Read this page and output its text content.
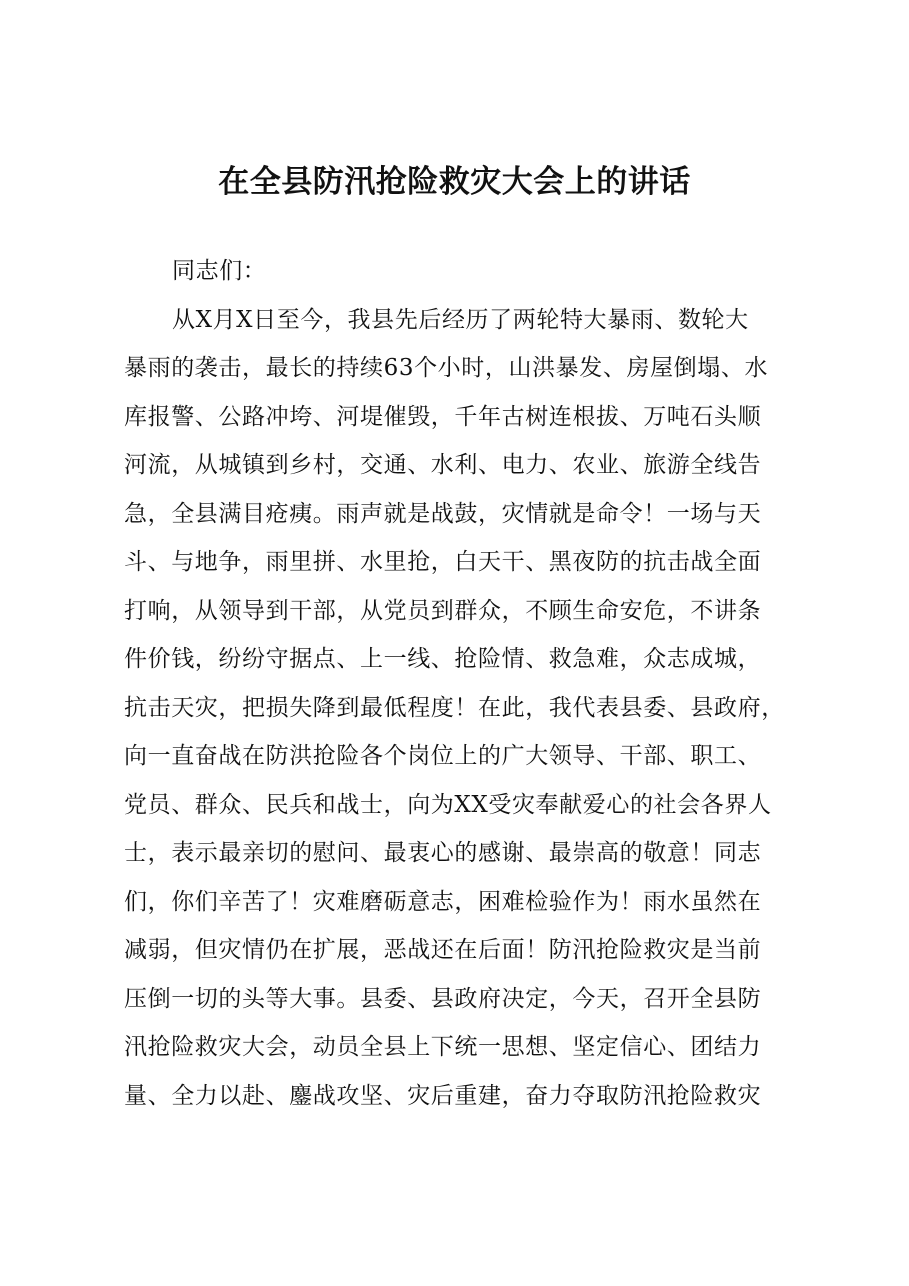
在全县防汛抢险救灾大会上的讲话
同志们：
从X月X日至今，我县先后经历了两轮特大暴雨、数轮大
暴雨的袭击，最长的持续63个小时，山洪暴发、房屋倒塌、水
库报警、公路冲垮、河堤催毁，千年古树连根拔、万吨石头顺
河流，从城镇到乡村，交通、水利、电力、农业、旅游全线告
急，全县满目疮痍。雨声就是战鼓，灾情就是命令！一场与天
斗、与地争，雨里拼、水里抢，白天干、黑夜防的抗击战全面
打响，从领导到干部，从党员到群众，不顾生命安危，不讲条
件价钱，纷纷守据点、上一线、抢险情、救急难，众志成城，
抗击天灾，把损失降到最低程度！在此，我代表县委、县政府，
向一直奋战在防洪抢险各个岗位上的广大领导、干部、职工、
党员、群众、民兵和战士，向为XX受灾奉献爱心的社会各界人
士，表示最亲切的慰问、最衷心的感谢、最崇高的敬意！同志
们，你们辛苦了！灾难磨砺意志，困难检验作为！雨水虽然在
减弱，但灾情仍在扩展，恶战还在后面！防汛抢险救灾是当前
压倒一切的头等大事。县委、县政府决定，今天，召开全县防
汛抢险救灾大会，动员全县上下统一思想、坚定信心、团结力
量、全力以赴、鏖战攻坚、灾后重建，奋力夺取防汛抢险救灾
